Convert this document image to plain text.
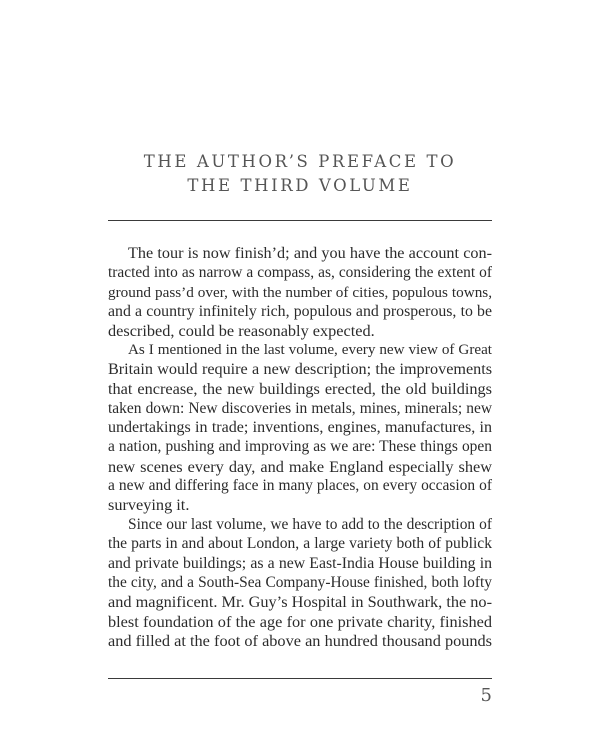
THE AUTHOR’S PREFACE TO
THE THIRD VOLUME
The tour is now finish’d; and you have the account con-
tracted into as narrow a compass, as, considering the extent of
ground pass’d over, with the number of cities, populous towns,
and a country infinitely rich, populous and prosperous, to be
described, could be reasonably expected.
As I mentioned in the last volume, every new view of Great
Britain would require a new description; the improvements
that encrease, the new buildings erected, the old buildings
taken down: New discoveries in metals, mines, minerals; new
undertakings in trade; inventions, engines, manufactures, in
a nation, pushing and improving as we are: These things open
new scenes every day, and make England especially shew
a new and differing face in many places, on every occasion of
surveying it.
Since our last volume, we have to add to the description of
the parts in and about London, a large variety both of publick
and private buildings; as a new East-India House building in
the city, and a South-Sea Company-House finished, both lofty
and magnificent. Mr. Guy’s Hospital in Southwark, the no-
blest foundation of the age for one private charity, finished
and filled at the foot of above an hundred thousand pounds
5
